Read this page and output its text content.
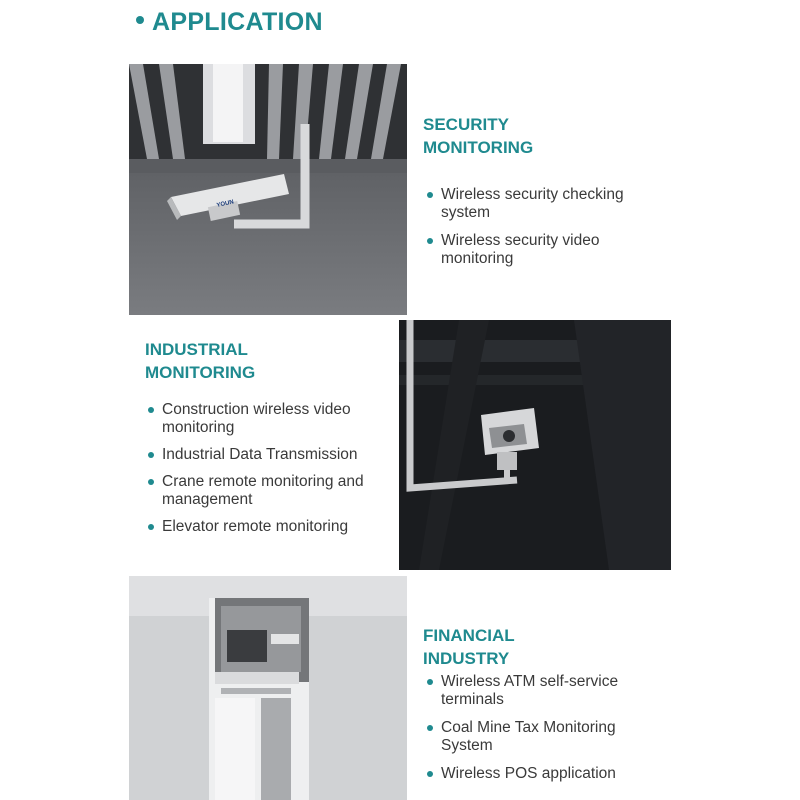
APPLICATION
YOUN
SECURITY
MONITORING
Wireless security checking
system
Wireless security video
monitoring
INDUSTRIAL
MONITORING
Construction wireless video
monitoring
Industrial Data Transmission
Crane remote monitoring and
management
Elevator remote monitoring
FINANCIAL
INDUSTRY
Wireless ATM self-service
terminals
Coal Mine Tax Monitoring
System
Wireless POS application
